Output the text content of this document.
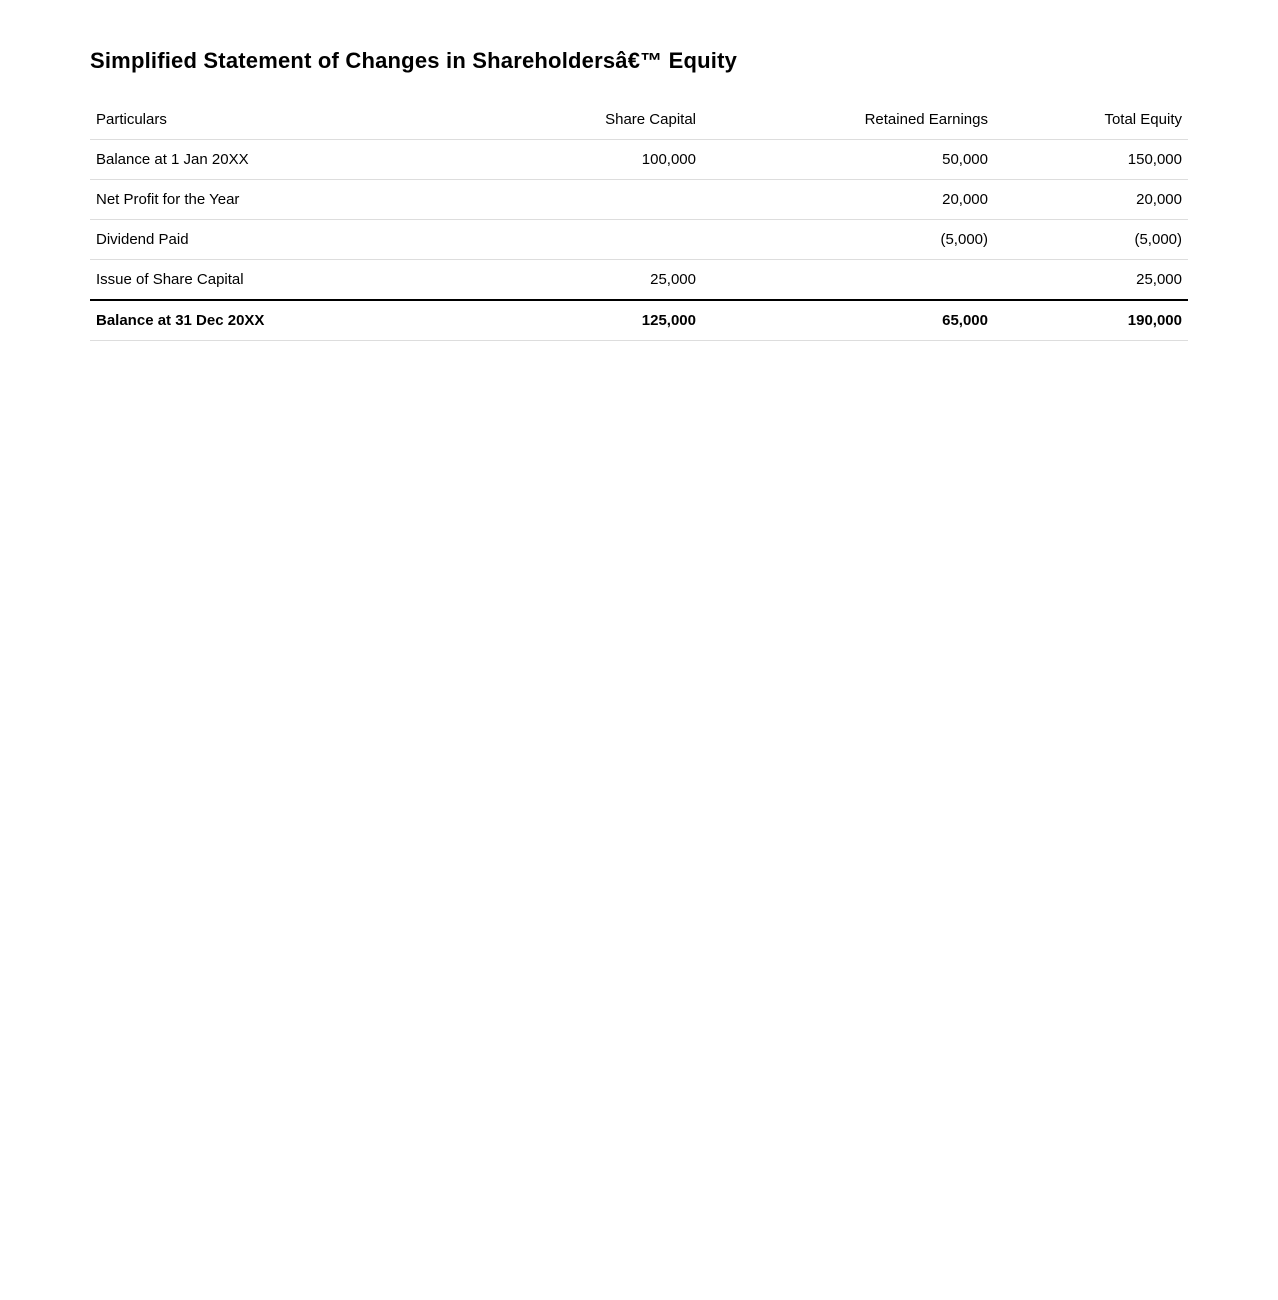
Simplified Statement of Changes in Shareholdersâ€™ Equity
Particulars	Share Capital	Retained Earnings	Total Equity
Balance at 1 Jan 20XX	100,000	50,000	150,000
Net Profit for the Year		20,000	20,000
Dividend Paid		(5,000)	(5,000)
Issue of Share Capital	25,000		25,000
Balance at 31 Dec 20XX	125,000	65,000	190,000
